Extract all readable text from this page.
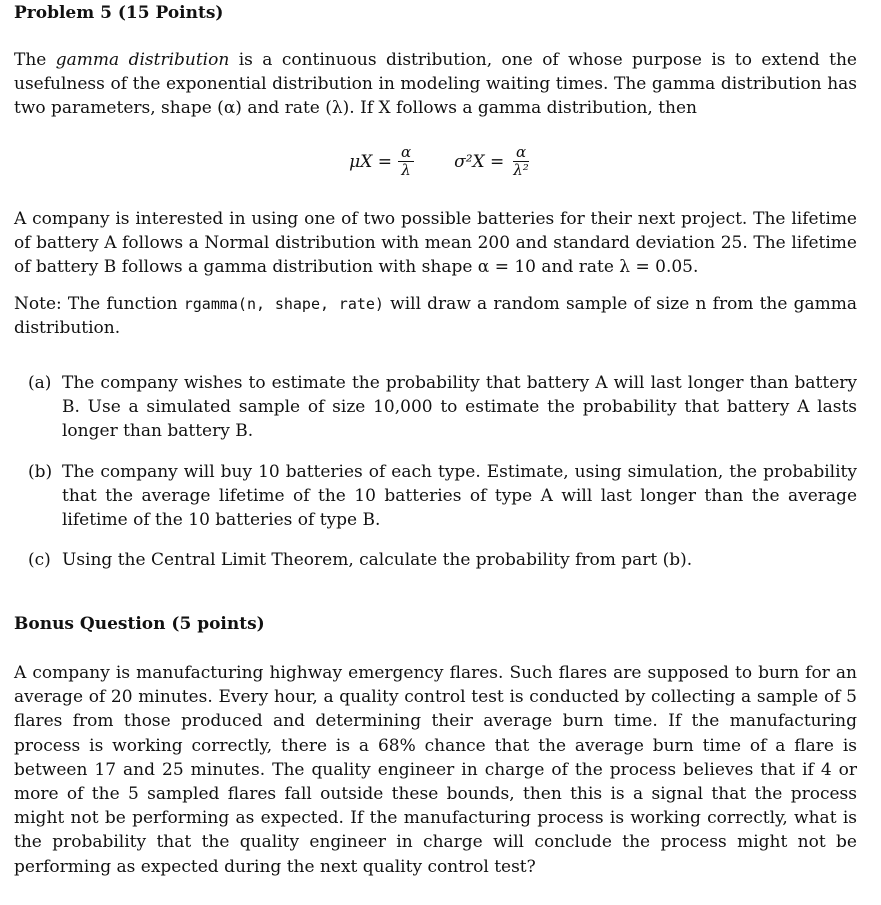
Problem 5 (15 Points)

The gamma distribution is a continuous distribution, one of whose purpose is to extend the usefulness of the exponential distribution in modeling waiting times. The gamma distribution has two parameters, shape (α) and rate (λ). If X follows a gamma distribution, then

$\mu X = \frac{\alpha}{\lambda} \sigma^2X = \frac{\alpha}{\text{λ²}}$

A company is interested in using one of two possible batteries for their next project. The lifetime of battery A follows a Normal distribution with mean 200 and standard deviation 25. The lifetime of battery B follows a gamma distribution with shape α = 10 and rate λ = 0.05.

Note: The function rgamma(n, shape, rate) will draw a random sample of size n from the gamma distribution.

(a) The company wishes to estimate the probability that battery A will last longer than battery B. Use a simulated sample of size 10,000 to estimate the probability that battery A lasts longer than battery B.
(b) The company will buy 10 batteries of each type. Estimate, using simulation, the probability that the average lifetime of the 10 batteries of type A will last longer than the average lifetime of the 10 batteries of type B.
(c) Using the Central Limit Theorem, calculate the probability from part (b).
Bonus Question (5 points)

A company is manufacturing highway emergency flares. Such flares are supposed to burn for an average of 20 minutes. Every hour, a quality control test is conducted by collecting a sample of 5 flares from those produced and determining their average burn time. If the manufacturing process is working correctly, there is a 68% chance that the average burn time of a flare is between 17 and 25 minutes. The quality engineer in charge of the process believes that if 4 or more of the 5 sampled flares fall outside these bounds, then this is a signal that the process might not be performing as expected. If the manufacturing process is working correctly, what is the probability that the quality engineer in charge will conclude the process might not be performing as expected during the next quality control test?
